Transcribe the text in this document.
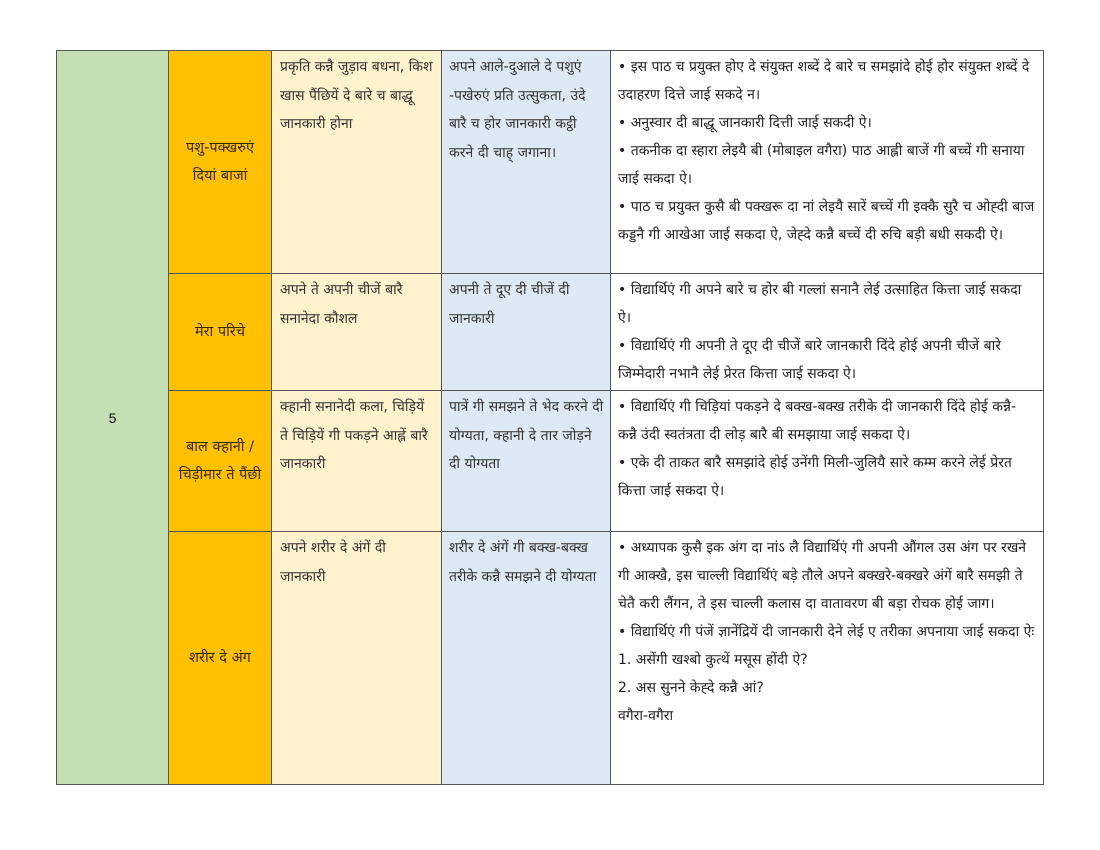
5	पशु-पक्खरुएं दियां बाजां	प्रकृति कन्नै जुड़ाव बधना, किश खास पैंछियें दे बारे च बाद्धू जानकारी होना	अपने आले-दुआले दे पशुएं -पखेरुएं प्रति उत्सुकता, उंदे बारै च होर जानकारी कट्ठी करने दी चाह् जगाना।	• इस पाठ च प्रयुक्त होए दे संयुक्त शब्दें दे बारे च समझांदे होई होर संयुक्त शब्दें दे उदाहरण दित्ते जाई सकदे न।

• अनुस्वार दी बाद्धू जानकारी दित्ती जाई सकदी ऐ।

• तकनीक दा स्हारा लेइयै बी (मोबाइल वगैरा) पाठ आह्ली बाजें गी बच्चें गी सनाया जाई सकदा ऐ।

• पाठ च प्रयुक्त कुसै बी पक्खरू दा नां लेइयै सारें बच्चें गी इक्कै सुरै च ओह्दी बाज कड्डनै गी आखेआ जाई सकदा ऐ, जेह्दे कन्नै बच्चें दी रुचि बड़ी बधी सकदी ऐ।

	मेरा परिचे	अपने ते अपनी चीजें बारै सनानेदा कौशल	अपनी ते दूए दी चीजें दी जानकारी	• विद्यार्थिएं गी अपने बारे च होर बी गल्लां सनानै लेई उत्साहित कित्ता जाई सकदा ऐ।

• विद्यार्थिएं गी अपनी ते दूए दी चीजें बारे जानकारी दिंदे होई अपनी चीजें बारे जिम्मेदारी नभानै लेई प्रेरत कित्ता जाई सकदा ऐ।

	बाल क्हानी / चिड़ीमार ते पैंछी	क्हानी सनानेदी कला, चिड़ियें ते चिड़ियें गी पकड़ने आह्लें बारै जानकारी	पात्रें गी समझने ते भेद करने दी योग्यता, क्हानी दे तार जोड़ने दी योग्यता	• विद्यार्थिएं गी चिड़ियां पकड़ने दे बक्ख-बक्ख तरीके दी जानकारी दिंदे होई कन्नै- कन्नै उंदी स्वतंत्रता दी लोड़ बारै बी समझाया जाई सकदा ऐ।

• एके दी ताकत बारै समझांदे होई उनेंगी मिली-जुलियै सारे कम्म करने लेई प्रेरत कित्ता जाई सकदा ऐ।

	शरीर दे अंग	अपने शरीर दे अंगें दी जानकारी	शरीर दे अंगें गी बक्ख-बक्ख तरीके कन्नै समझने दी योग्यता	• अध्यापक कुसै इक अंग दा नांऽ लै विद्यार्थिएं गी अपनी औंगल उस अंग पर रखने गी आक्खै, इस चाल्ली विद्यार्थिएं बड़े तौले अपने बक्खरे-बक्खरे अंगें बारै समझी ते चेतै करी लैंगन, ते इस चाल्ली कलास दा वातावरण बी बड़ा रोचक होई जाग।

• विद्यार्थिएं गी पंजें ज्ञानेंद्रियें दी जानकारी देने लेई ए तरीका अपनाया जाई सकदा ऐः

1. असेंगी खश्बो कुत्थें मसूस होंदी ऐ?

2. अस सुनने केह्दे कन्नै आं?

वगैरा-वगैरा
